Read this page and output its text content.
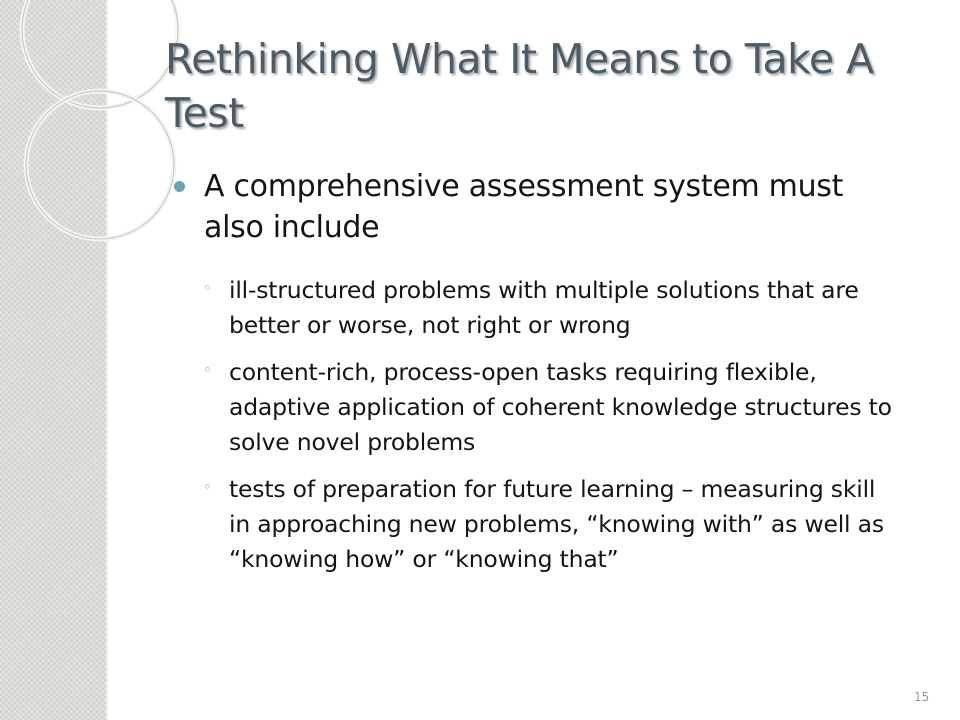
Rethinking What It Means to Take A Test
A comprehensive assessment system must also include
◦ ill-structured problems with multiple solutions that are better or worse, not right or wrong
◦ content-rich, process-open tasks requiring flexible, adaptive application of coherent knowledge structures to solve novel problems
◦ tests of preparation for future learning – measuring skill in approaching new problems, “knowing with” as well as “knowing how” or “knowing that”
15
